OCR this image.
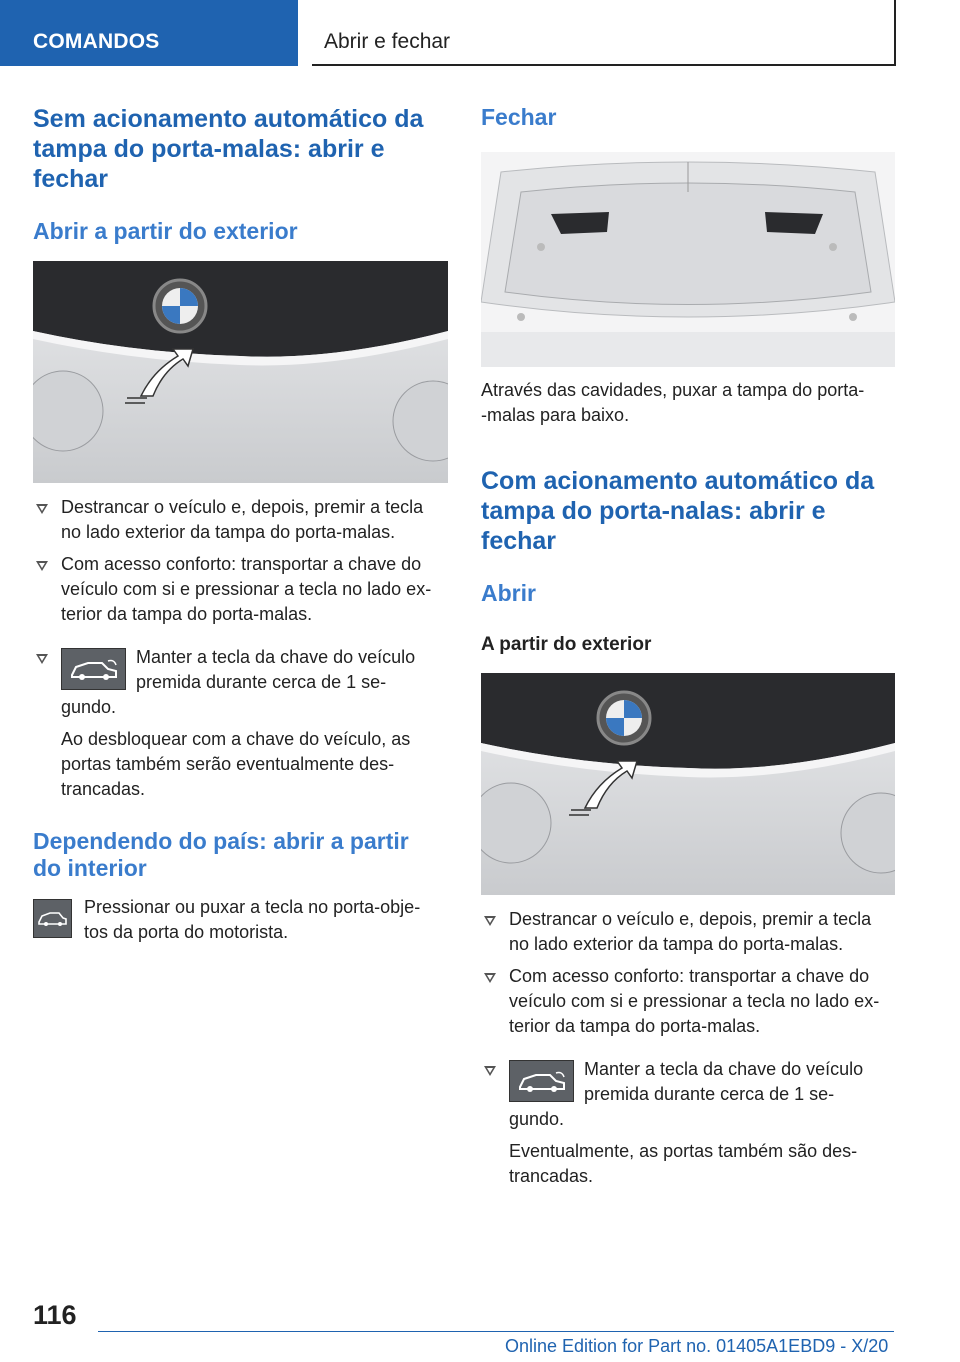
COMANDOS	Abrir e fechar
Sem acionamento automático da
tampa do porta-malas: abrir e
fechar
Abrir a partir do exterior
Destrancar o veículo e, depois, premir a tecla
no lado exterior da tampa do porta-malas.
Com acesso conforto: transportar a chave do
veículo com si e pressionar a tecla no lado ex-
terior da tampa do porta-malas.
Manter a tecla da chave do veículo
premida durante cerca de 1 se-
gundo.
Ao desbloquear com a chave do veículo, as
portas também serão eventualmente des-
trancadas.
Dependendo do país: abrir a partir
do interior
Pressionar ou puxar a tecla no porta-obje-
tos da porta do motorista.
Fechar
Através das cavidades, puxar a tampa do porta-
-malas para baixo.
Com acionamento automático da
tampa do porta-nalas: abrir e
fechar
Abrir
A partir do exterior
Destrancar o veículo e, depois, premir a tecla
no lado exterior da tampa do porta-malas.
Com acesso conforto: transportar a chave do
veículo com si e pressionar a tecla no lado ex-
terior da tampa do porta-malas.
Manter a tecla da chave do veículo
premida durante cerca de 1 se-
gundo.
Eventualmente, as portas também são des-
trancadas.
116
Online Edition for Part no. 01405A1EBD9 - X/20
